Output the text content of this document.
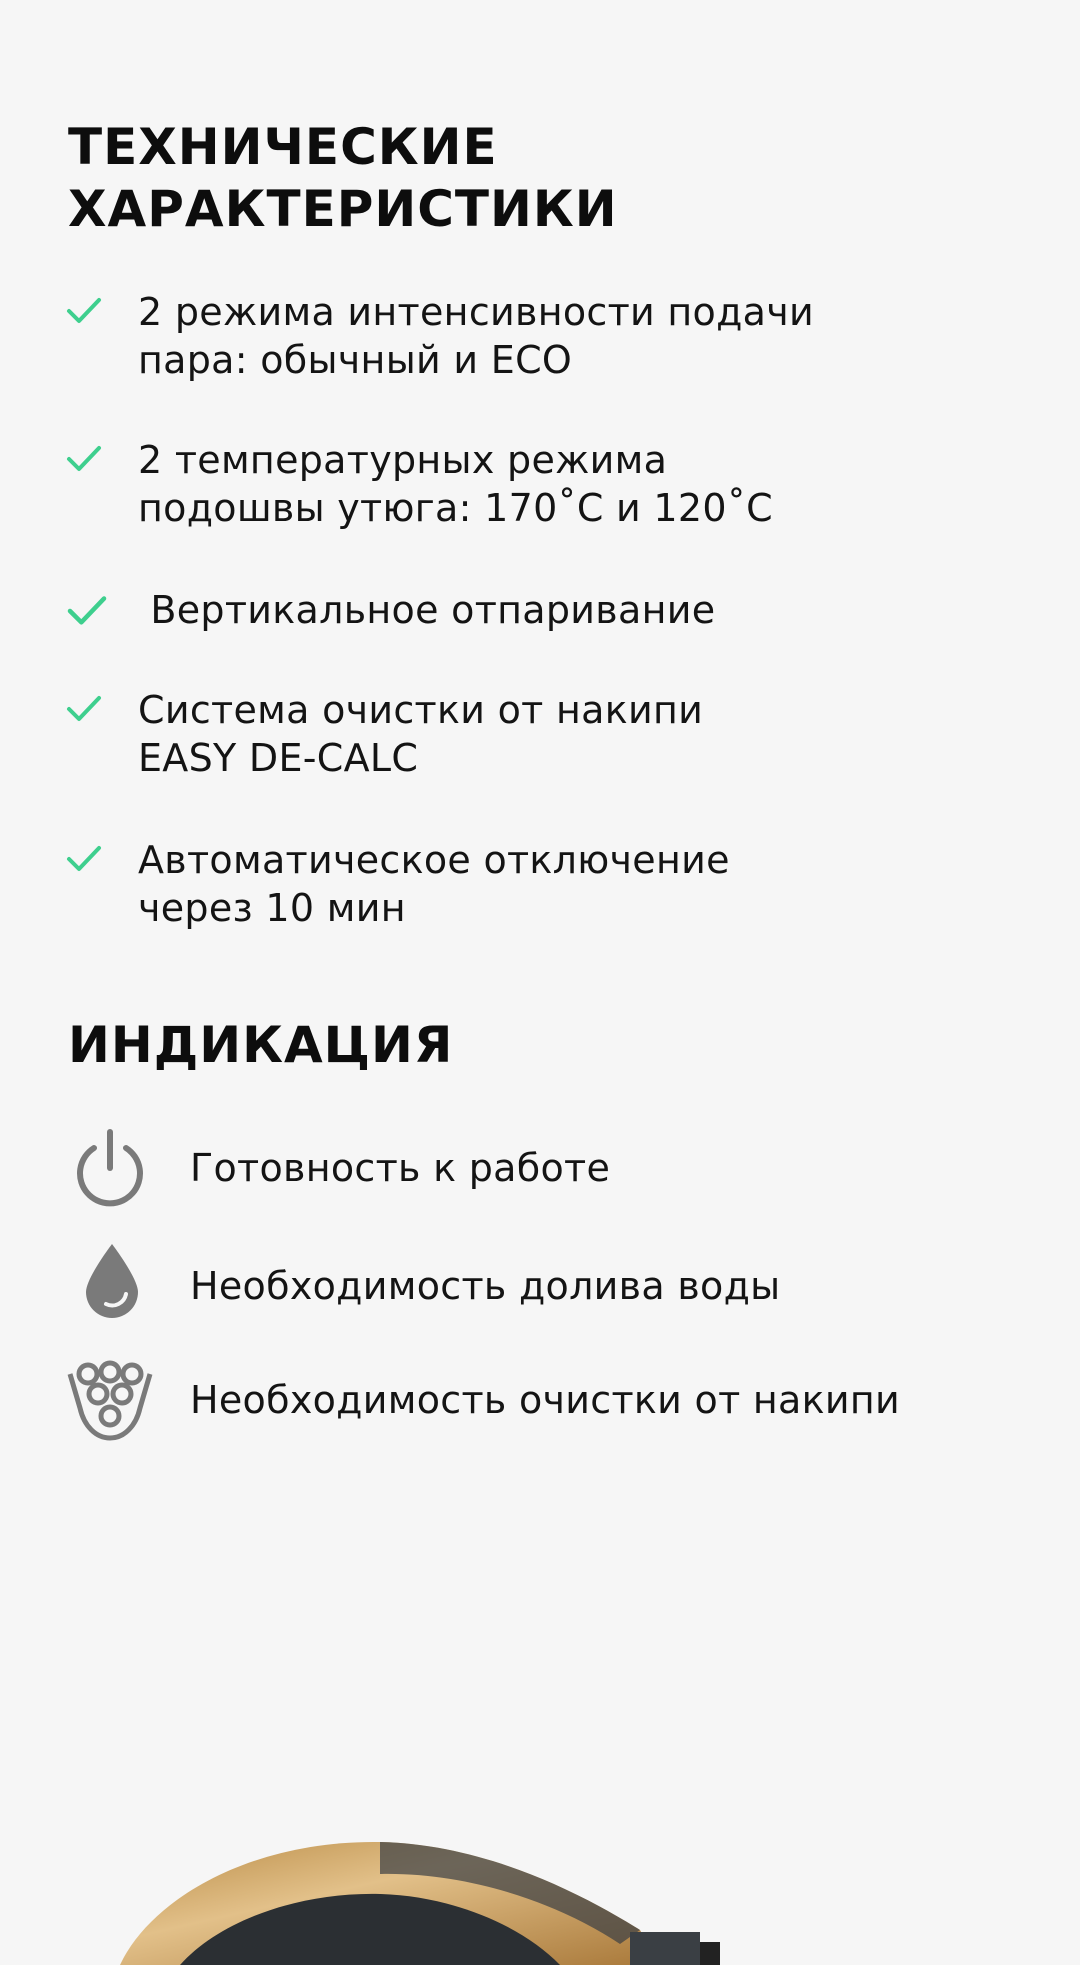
ТЕХНИЧЕСКИЕ
ХАРАКТЕРИСТИКИ
2 режима интенсивности подачи
пара: обычный и ECO
2 температурных режима
подошвы утюга: 170˚С и 120˚С
Вертикальное отпаривание
Система очистки от накипи
EASY DE-CALC
Автоматическое отключение
через 10 мин
ИНДИКАЦИЯ
Готовность к работе
Необходимость долива воды
Необходимость очистки от накипи
